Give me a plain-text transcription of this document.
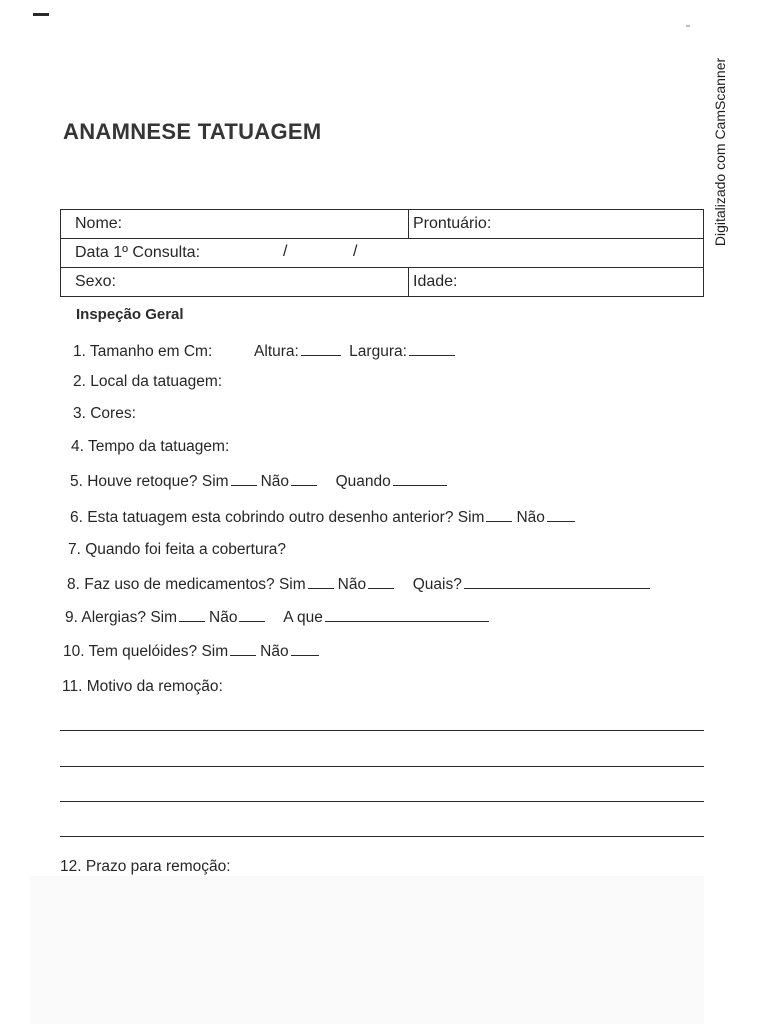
Digitalizado com CamScanner
ANAMNESE TATUAGEM
Nome:	Prontuário:
Data 1º Consulta:	/	/
Sexo:	Idade:
Inspeção Geral
1. Tamanho em Cm:	Altura:	Largura:
2. Local da tatuagem:
3. Cores:
4. Tempo da tatuagem:
5. Houve retoque? Sim Não	Quando
6. Esta tatuagem esta cobrindo outro desenho anterior? Sim Não
7. Quando foi feita a cobertura?
8. Faz uso de medicamentos? Sim Não	Quais?
9. Alergias? Sim Não	A que
10. Tem quelóides? Sim Não
11. Motivo da remoção:
12. Prazo para remoção:
